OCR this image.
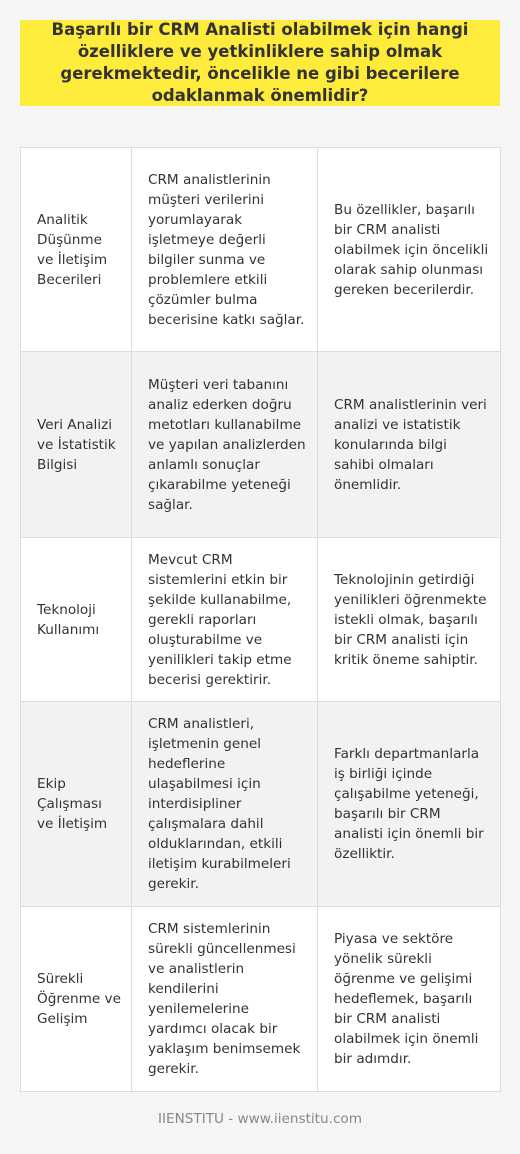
Başarılı bir CRM Analisti olabilmek için hangi özelliklere ve yetkinliklere sahip olmak gerekmektedir, öncelikle ne gibi becerilere odaklanmak önemlidir?
Analitik Düşünme ve İletişim Becerileri	CRM analistlerinin müşteri verilerini yorumlayarak işletmeye değerli bilgiler sunma ve problemlere etkili çözümler bulma becerisine katkı sağlar.	Bu özellikler, başarılı bir CRM analisti olabilmek için öncelikli olarak sahip olunması gereken becerilerdir.
Veri Analizi ve İstatistik Bilgisi	Müşteri veri tabanını analiz ederken doğru metotları kullanabilme ve yapılan analizlerden anlamlı sonuçlar çıkarabilme yeteneği sağlar.	CRM analistlerinin veri analizi ve istatistik konularında bilgi sahibi olmaları önemlidir.
Teknoloji Kullanımı	Mevcut CRM sistemlerini etkin bir şekilde kullanabilme, gerekli raporları oluşturabilme ve yenilikleri takip etme becerisi gerektirir.	Teknolojinin getirdiği yenilikleri öğrenmekte istekli olmak, başarılı bir CRM analisti için kritik öneme sahiptir.
Ekip Çalışması ve İletişim	CRM analistleri, işletmenin genel hedeflerine ulaşabilmesi için interdisipliner çalışmalara dahil olduklarından, etkili iletişim kurabilmeleri gerekir.	Farklı departmanlarla iş birliği içinde çalışabilme yeteneği, başarılı bir CRM analisti için önemli bir özelliktir.
Sürekli Öğrenme ve Gelişim	CRM sistemlerinin sürekli güncellenmesi ve analistlerin kendilerini yenilemelerine yardımcı olacak bir yaklaşım benimsemek gerekir.	Piyasa ve sektöre yönelik sürekli öğrenme ve gelişimi hedeflemek, başarılı bir CRM analisti olabilmek için önemli bir adımdır.
IIENSTITU - www.iienstitu.com
